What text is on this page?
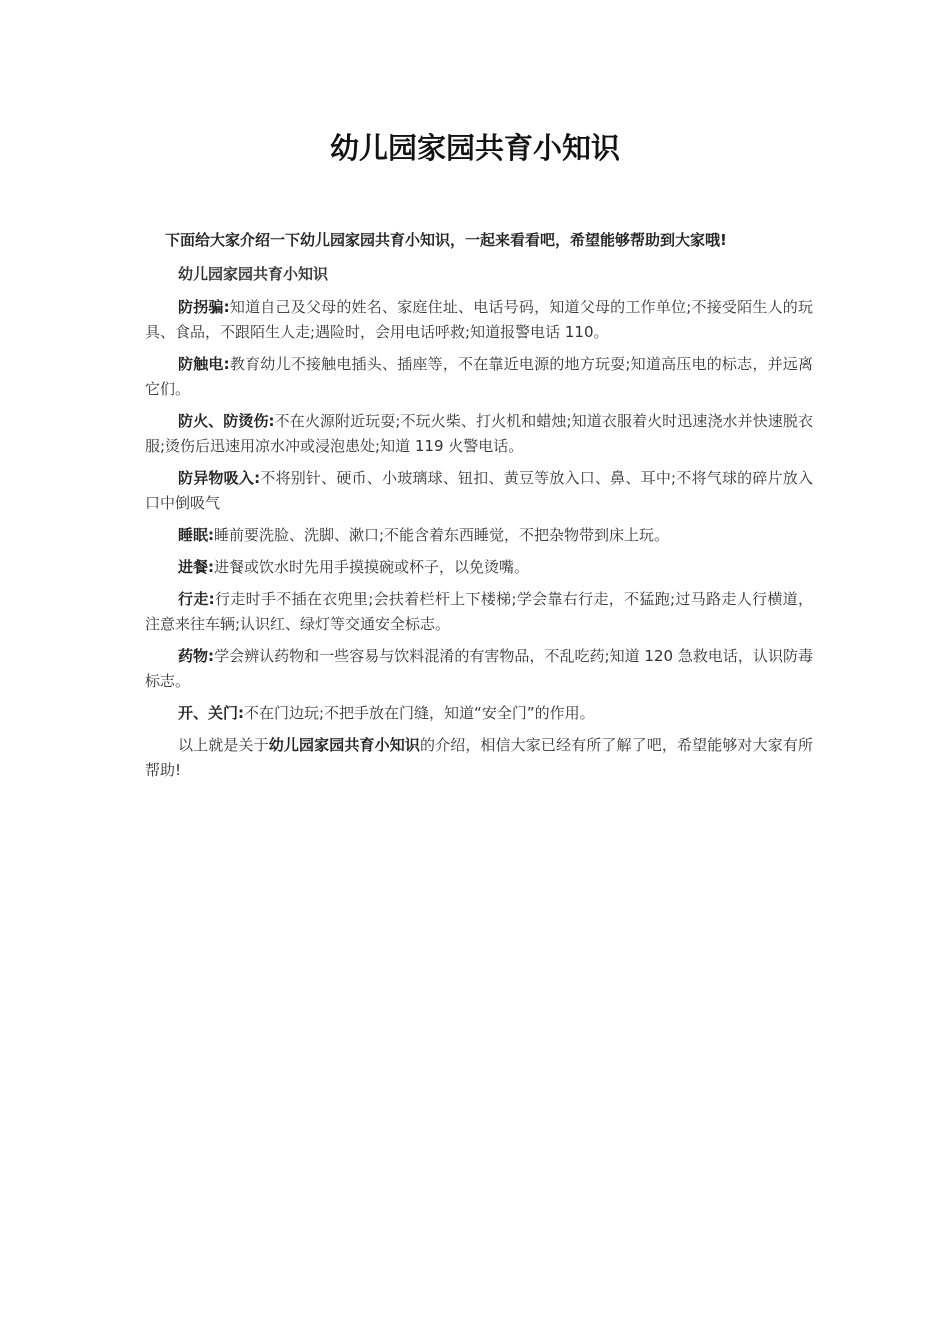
幼儿园家园共育小知识

下面给大家介绍一下幼儿园家园共育小知识，一起来看看吧，希望能够帮助到大家哦!

幼儿园家园共育小知识

防拐骗:知道自己及父母的姓名、家庭住址、电话号码，知道父母的工作单位;不接受陌生人的玩具、食品，不跟陌生人走;遇险时，会用电话呼救;知道报警电话 110。

防触电:教育幼儿不接触电插头、插座等，不在靠近电源的地方玩耍;知道高压电的标志，并远离它们。

防火、防烫伤:不在火源附近玩耍;不玩火柴、打火机和蜡烛;知道衣服着火时迅速浇水并快速脱衣服;烫伤后迅速用凉水冲或浸泡患处;知道 119 火警电话。

防异物吸入:不将别针、硬币、小玻璃球、钮扣、黄豆等放入口、鼻、耳中;不将气球的碎片放入口中倒吸气

睡眠:睡前要洗脸、洗脚、漱口;不能含着东西睡觉，不把杂物带到床上玩。

进餐:进餐或饮水时先用手摸摸碗或杯子，以免烫嘴。

行走:行走时手不插在衣兜里;会扶着栏杆上下楼梯;学会靠右行走，不猛跑;过马路走人行横道，注意来往车辆;认识红、绿灯等交通安全标志。

药物:学会辨认药物和一些容易与饮料混淆的有害物品，不乱吃药;知道 120 急救电话，认识防毒标志。

开、关门:不在门边玩;不把手放在门缝，知道“安全门”的作用。

以上就是关于幼儿园家园共育小知识的介绍，相信大家已经有所了解了吧，希望能够对大家有所帮助!
